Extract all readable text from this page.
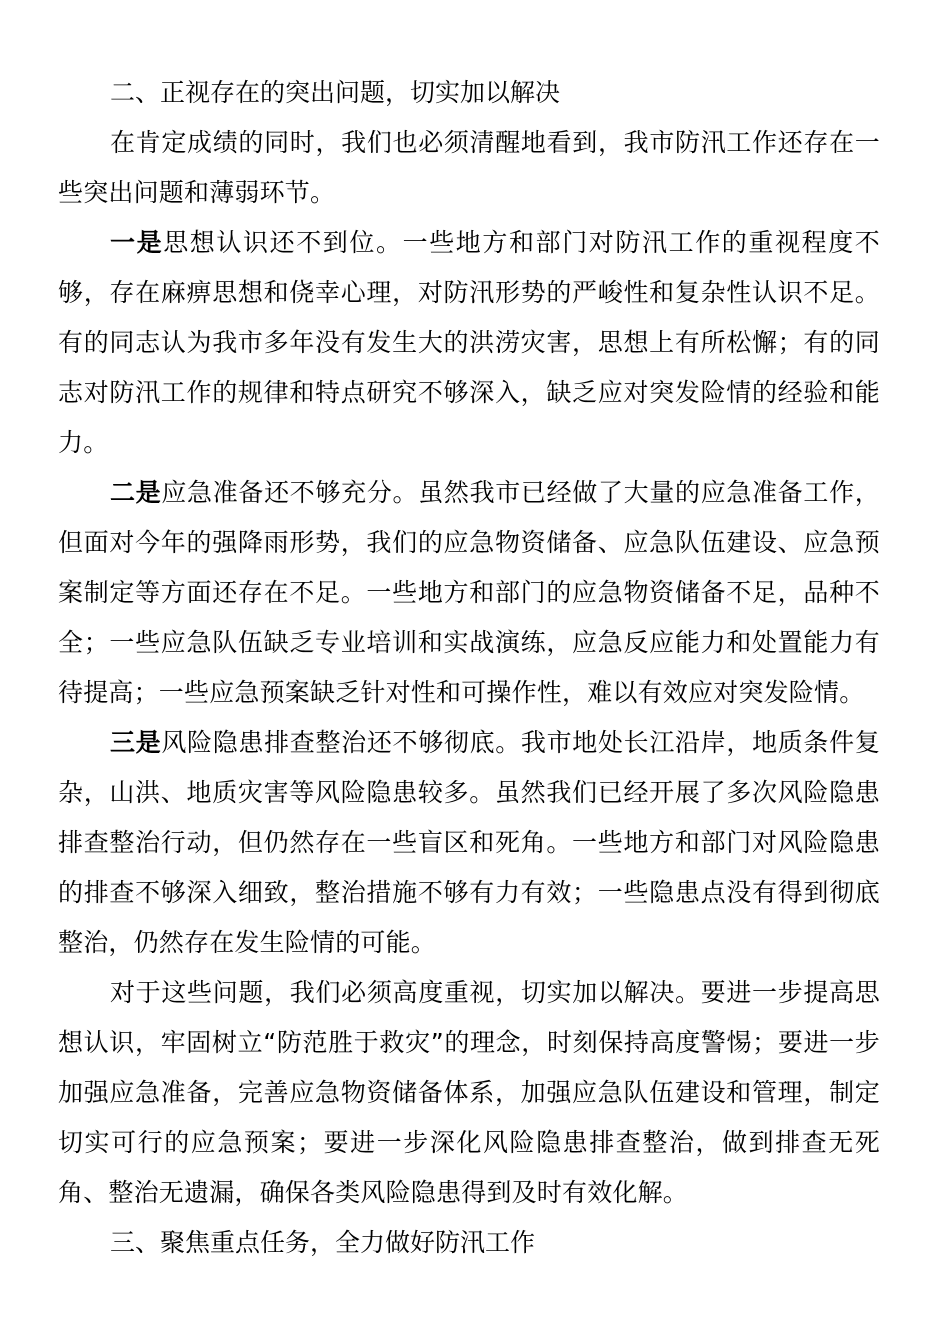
二、正视存在的突出问题，切实加以解决

在肯定成绩的同时，我们也必须清醒地看到，我市防汛工作还存在一些突出问题和薄弱环节。

一是思想认识还不到位。一些地方和部门对防汛工作的重视程度不够，存在麻痹思想和侥幸心理，对防汛形势的严峻性和复杂性认识不足。有的同志认为我市多年没有发生大的洪涝灾害，思想上有所松懈；有的同志对防汛工作的规律和特点研究不够深入，缺乏应对突发险情的经验和能力。

二是应急准备还不够充分。虽然我市已经做了大量的应急准备工作，但面对今年的强降雨形势，我们的应急物资储备、应急队伍建设、应急预案制定等方面还存在不足。一些地方和部门的应急物资储备不足，品种不全；一些应急队伍缺乏专业培训和实战演练，应急反应能力和处置能力有待提高；一些应急预案缺乏针对性和可操作性，难以有效应对突发险情。

三是风险隐患排查整治还不够彻底。我市地处长江沿岸，地质条件复杂，山洪、地质灾害等风险隐患较多。虽然我们已经开展了多次风险隐患排查整治行动，但仍然存在一些盲区和死角。一些地方和部门对风险隐患的排查不够深入细致，整治措施不够有力有效；一些隐患点没有得到彻底整治，仍然存在发生险情的可能。

对于这些问题，我们必须高度重视，切实加以解决。要进一步提高思想认识，牢固树立“防范胜于救灾”的理念，时刻保持高度警惕；要进一步加强应急准备，完善应急物资储备体系，加强应急队伍建设和管理，制定切实可行的应急预案；要进一步深化风险隐患排查整治，做到排查无死角、整治无遗漏，确保各类风险隐患得到及时有效化解。

三、聚焦重点任务，全力做好防汛工作
